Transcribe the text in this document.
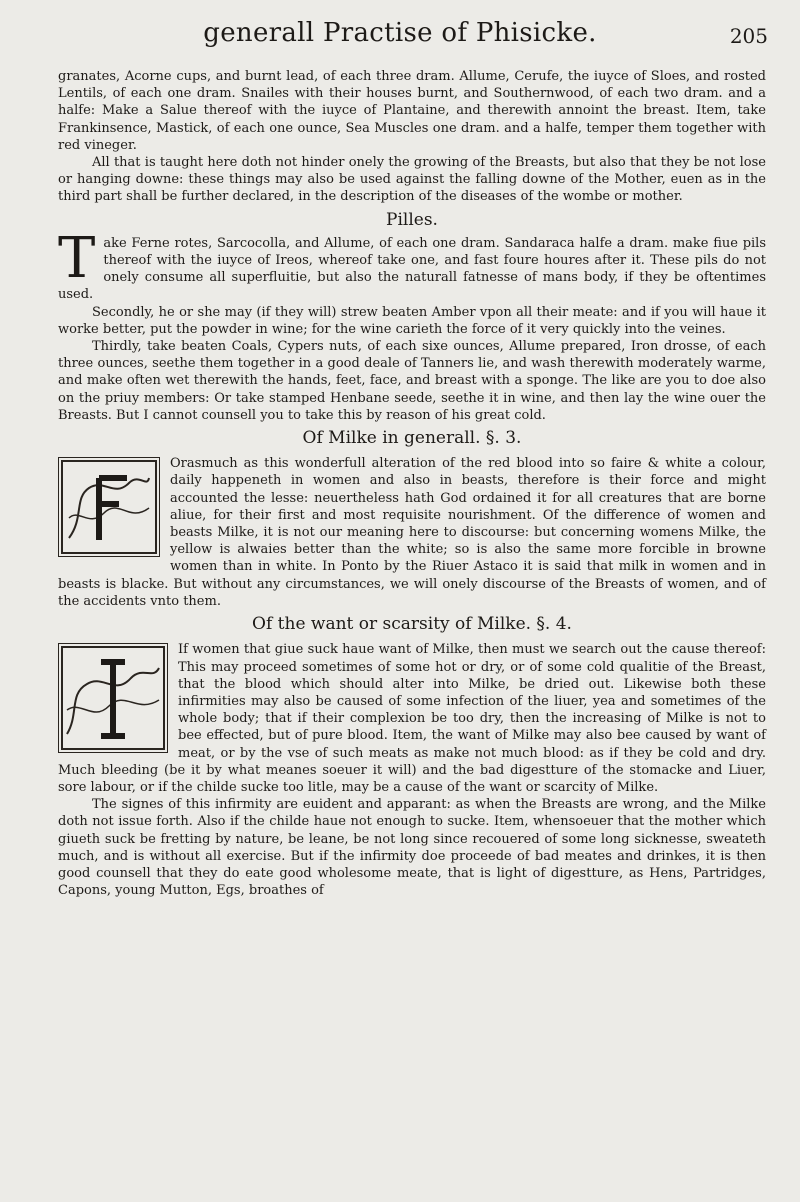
generall Practise of Phisicke.	205

granates, Acorne cups, and burnt lead, of each three dram. Allume, Cerufe, the iuyce of Sloes, and rosted Lentils, of each one dram. Snailes with their houses burnt, and Southernwood, of each two dram. and a halfe: Make a Salue thereof with the iuyce of Plantaine, and therewith annoint the breast. Item, take Frankinsence, Mastick, of each one ounce, Sea Muscles one dram. and a halfe, temper them together with red vineger.

All that is taught here doth not hinder onely the growing of the Breasts, but also that they be not lose or hanging downe: these things may also be used against the falling downe of the Mother, euen as in the third part shall be further declared, in the description of the diseases of the wombe or mother.

Pilles.
T ake Ferne rotes, Sarcocolla, and Allume, of each one dram. Sandaraca halfe a dram. make fiue pils thereof with the iuyce of Ireos, whereof take one, and fast foure houres after it. These pils do not onely consume all superfluitie, but also the naturall fatnesse of mans body, if they be oftentimes used.

Secondly, he or she may (if they will) strew beaten Amber vpon all their meate: and if you will haue it worke better, put the powder in wine; for the wine carieth the force of it very quickly into the veines.

Thirdly, take beaten Coals, Cypers nuts, of each sixe ounces, Allume prepared, Iron drosse, of each three ounces, seethe them together in a good deale of Tanners lie, and wash therewith moderately warme, and make often wet therewith the hands, feet, face, and breast with a sponge. The like are you to doe also on the priuy members: Or take stamped Henbane seede, seethe it in wine, and then lay the wine ouer the Breasts. But I cannot counsell you to take this by reason of his great cold.

Of Milke in generall. §. 3.

Orasmuch as this wonderfull alteration of the red blood into so faire & white a colour, daily happeneth in women and also in beasts, therefore is their force and might accounted the lesse: neuertheless hath God ordained it for all creatures that are borne aliue, for their first and most requisite nourishment. Of the difference of women and beasts Milke, it is not our meaning here to discourse: but concerning womens Milke, the yellow is alwaies better than the white; so is also the same more forcible in browne women than in white. In Ponto by the Riuer Astaco it is said that milk in women and in beasts is blacke. But without any circumstances, we will onely discourse of the Breasts of women, and of the accidents vnto them.

Of the want or scarsity of Milke. §. 4.

If women that giue suck haue want of Milke, then must we search out the cause thereof: This may proceed sometimes of some hot or dry, or of some cold qualitie of the Breast, that the blood which should alter into Milke, be dried out. Likewise both these infirmities may also be caused of some infection of the liuer, yea and sometimes of the whole body; that if their complexion be too dry, then the increasing of Milke is not to bee effected, but of pure blood. Item, the want of Milke may also bee caused by want of meat, or by the vse of such meats as make not much blood: as if they be cold and dry. Much bleeding (be it by what meanes soeuer it will) and the bad digestture of the stomacke and Liuer, sore labour, or if the childe sucke too litle, may be a cause of the want or scarcity of Milke.

The signes of this infirmity are euident and apparant: as when the Breasts are wrong, and the Milke doth not issue forth. Also if the childe haue not enough to sucke. Item, whensoeuer that the mother which giueth suck be fretting by nature, be leane, be not long since recouered of some long sicknesse, sweateth much, and is without all exercise. But if the infirmity doe proceede of bad meates and drinkes, it is then good counsell that they do eate good wholesome meate, that is light of digestture, as Hens, Partridges, Capons, young Mutton, Egs, broathes of
